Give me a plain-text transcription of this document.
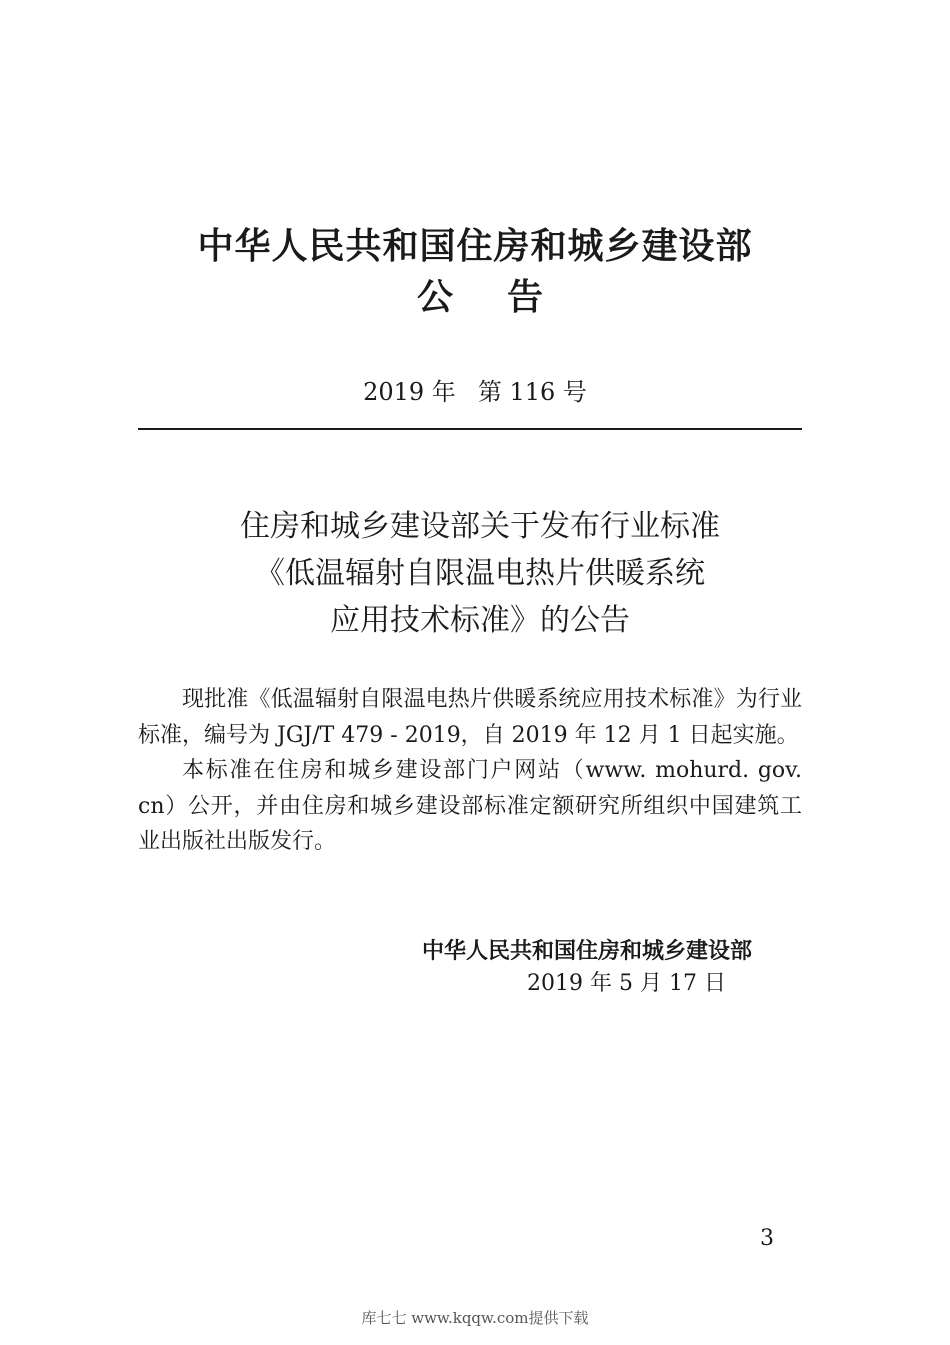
中华人民共和国住房和城乡建设部
公 告
2019 年 第 116 号
住房和城乡建设部关于发布行业标准
《低温辐射自限温电热片供暖系统
应用技术标准》的公告

现批准《低温辐射自限温电热片供暖系统应用技术标准》为行业标准，编号为 JGJ/T 479 - 2019，自 2019 年 12 月 1 日起实施。

本标准在住房和城乡建设部门户网站（www. mohurd. gov. cn）公开，并由住房和城乡建设部标准定额研究所组织中国建筑工业出版社出版发行。

中华人民共和国住房和城乡建设部
2019 年 5 月 17 日
3
库七七 www.kqqw.com提供下载
